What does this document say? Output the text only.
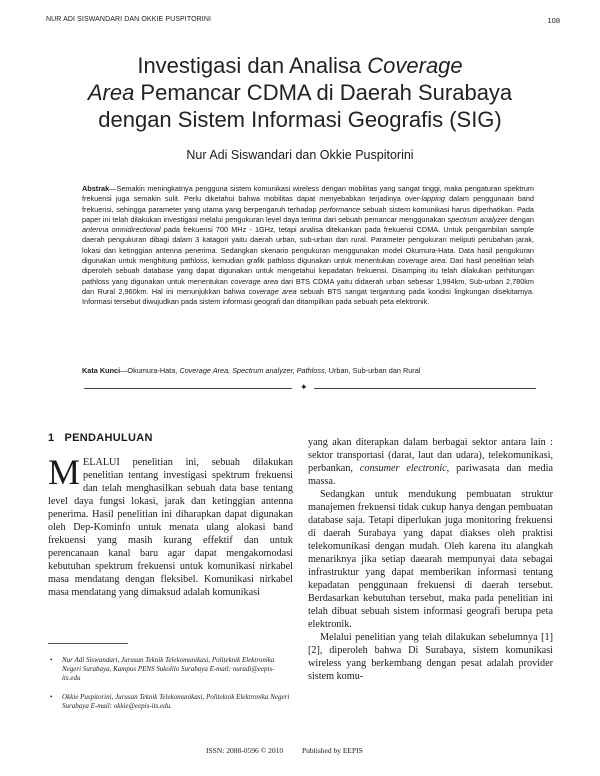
NUR ADI SISWANDARI DAN OKKIE PUSPITORINI	108
Investigasi dan Analisa Coverage
Area Pemancar CDMA di Daerah Surabaya
dengan Sistem Informasi Geografis (SIG)
Nur Adi Siswandari dan Okkie Puspitorini
Abstrak—Semakin meningkatnya pengguna sistem komunikasi wireless dengan mobilitas yang sangat tinggi, maka pengaturan spektrum frekuensi juga semakin sulit. Perlu diketahui bahwa mobilitas dapat menyebabkan terjadinya over-lapping dalam penggunaan band frekuensi, sehingga parameter yang utama yang berpengaruh terhadap performance sebuah sistem komunikasi harus diperhatikan. Pada paper ini telah dilakukan investigasi melalui pengukuran level daya terima dari sebuah pemancar menggunakan spectrum analyzer dengan antenna omnidirectional pada frekuensi 700 MHz - 1GHz, tetapi analisa ditekankan pada frekuensi CDMA. Untuk pengambilan sample daerah pengukuran dibagi dalam 3 katagori yaitu daerah urban, sub-urban dan rural. Parameter pengukuran meliputi perubahan jarak, lokasi dan ketinggian antenna penerima. Sedangkan skenario pengukuran menggunakan model Okumura-Hata. Data hasil pengukuran digunakan untuk menghitung pathloss, kemudian grafik pathloss digunakan untuk menentukan coverage area. Dari hasil penelitian telah diperoleh sebuah database yang dapat digunakan untuk mengetahui kepadatan frekuensi. Disamping itu telah dilakukan perhitungan pathloss yang digunakan untuk menentukan coverage area dari BTS CDMA yaitu didaerah urban sebesar 1,994km, Sub-urban 2,780km dan Rural 2,960km. Hal ini menunjukkan bahwa coverage area sebuah BTS sangat tergantung pada kondisi lingkungan disekitarnya. Informasi tersebut diwujudkan pada sistem informasi geografi dan ditampilkan pada sebuah peta elektronik.
Kata Kunci—Okumura-Hata, Coverage Area, Spectrum analyzer, Pathloss, Urban, Sub-urban dan Rural
✦
1 PENDAHULUAN

MELALUI penelitian ini, sebuah dilakukan penelitian tentang investigasi spektrum frekuensi dan telah menghasilkan sebuah data base tentang level daya fungsi lokasi, jarak dan ketinggian antenna penerima. Hasil penelitian ini diharapkan dapat digunakan oleh Dep-Kominfo untuk menata ulang alokasi band frekuensi yang masih kurang effektif dan untuk perencanaan kanal baru agar dapat mengakomodasi kebutuhan spektrum frekuensi untuk komunikasi nirkabel masa mendatang dengan fleksibel. Komunikasi nirkabel masa mendatang yang dimaksud adalah komunikasi

yang akan diterapkan dalam berbagai sektor antara lain : sektor transportasi (darat, laut dan udara), telekomunikasi, perbankan, consumer electronic, pariwasata dan media massa.

Sedangkan untuk mendukung pembuatan struktur manajemen frekuensi tidak cukup hanya dengan pembuatan database saja. Tetapi diperlukan juga monitoring frekuensi di daerah Surabaya yang dapat diakses oleh praktisi telekomunikasi dengan mudah. Oleh karena itu alangkah menariknya jika setiap daearah mempunyai data sebagai infrastruktur yang dapat memberikan informasi tentang kepadatan penggunaan frekuensi di daerah tersebut. Berdasarkan kebutuhan tersebut, maka pada penelitian ini telah dibuat sebuah sistem informasi geografi berupa peta elektronik.

Melalui penelitian yang telah dilakukan sebelumnya [1][2], diperoleh bahwa Di Surabaya, sistem komunikasi wireless yang berkembang dengan pesat adalah provider sistem komu-

• Nur Adi Siswandari, Jurusan Teknik Telekomunikasi, Politeknik Elektronika Negeri Surabaya, Kampus PENS Sukolilo Surabaya E-mail: nuradi@eepis-its.edu
• Okkie Puspitorini, Jurusan Teknik Telekomunikasi, Politeknik Elektronika Negeri Surabaya E-mail: okkie@eepis-its.edu.
ISSN: 2088-0596 © 2010	Published by EEPIS
